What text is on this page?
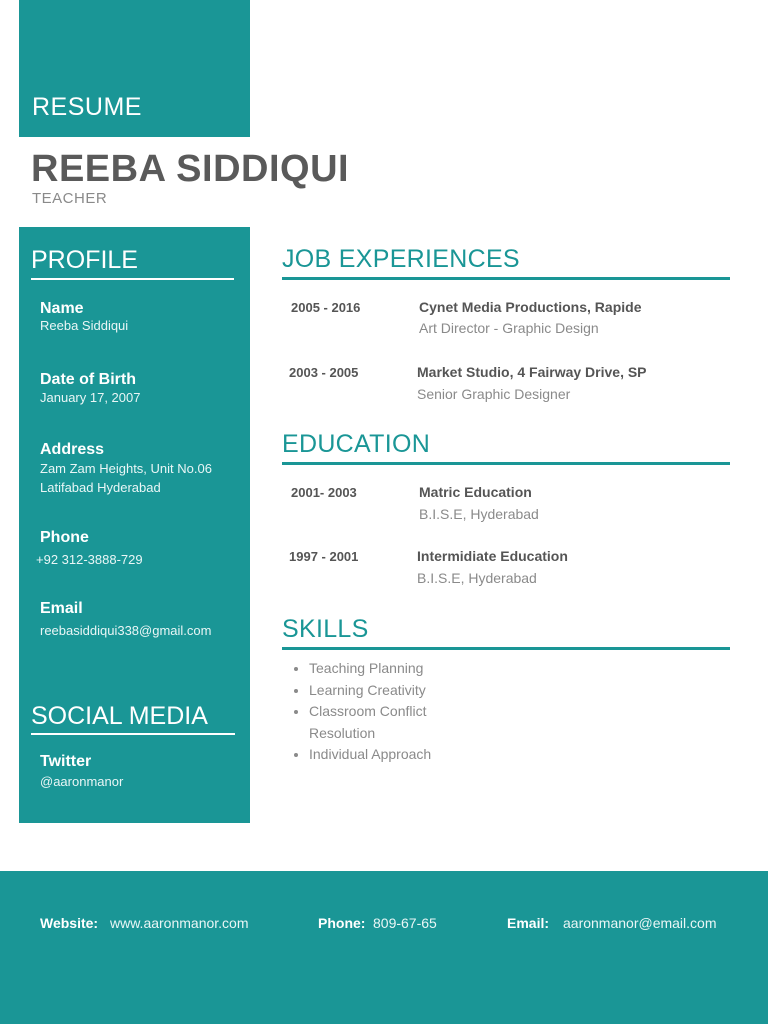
RESUME
REEBA SIDDIQUI
TEACHER
PROFILE
Name
Reeba Siddiqui
Date of Birth
January 17, 2007
Address
Zam Zam Heights, Unit No.06 Latifabad Hyderabad
Phone
+92 312-3888-729
Email
reebasiddiqui338@gmail.com
SOCIAL MEDIA
Twitter
@aaronmanor
JOB EXPERIENCES
2005 - 2016	Cynet Media Productions, Rapide
Art Director - Graphic Design
2003 - 2005	Market Studio, 4 Fairway Drive, SP
Senior Graphic Designer
EDUCATION
2001- 2003	Matric Education
B.I.S.E, Hyderabad
1997 - 2001	Intermidiate Education
B.I.S.E, Hyderabad
SKILLS
• Teaching Planning
• Learning Creativity
• Classroom Conflict Resolution
• Individual Approach
Website: www.aaronmanor.com	Phone: 809-67-65	Email: aaronmanor@email.com
